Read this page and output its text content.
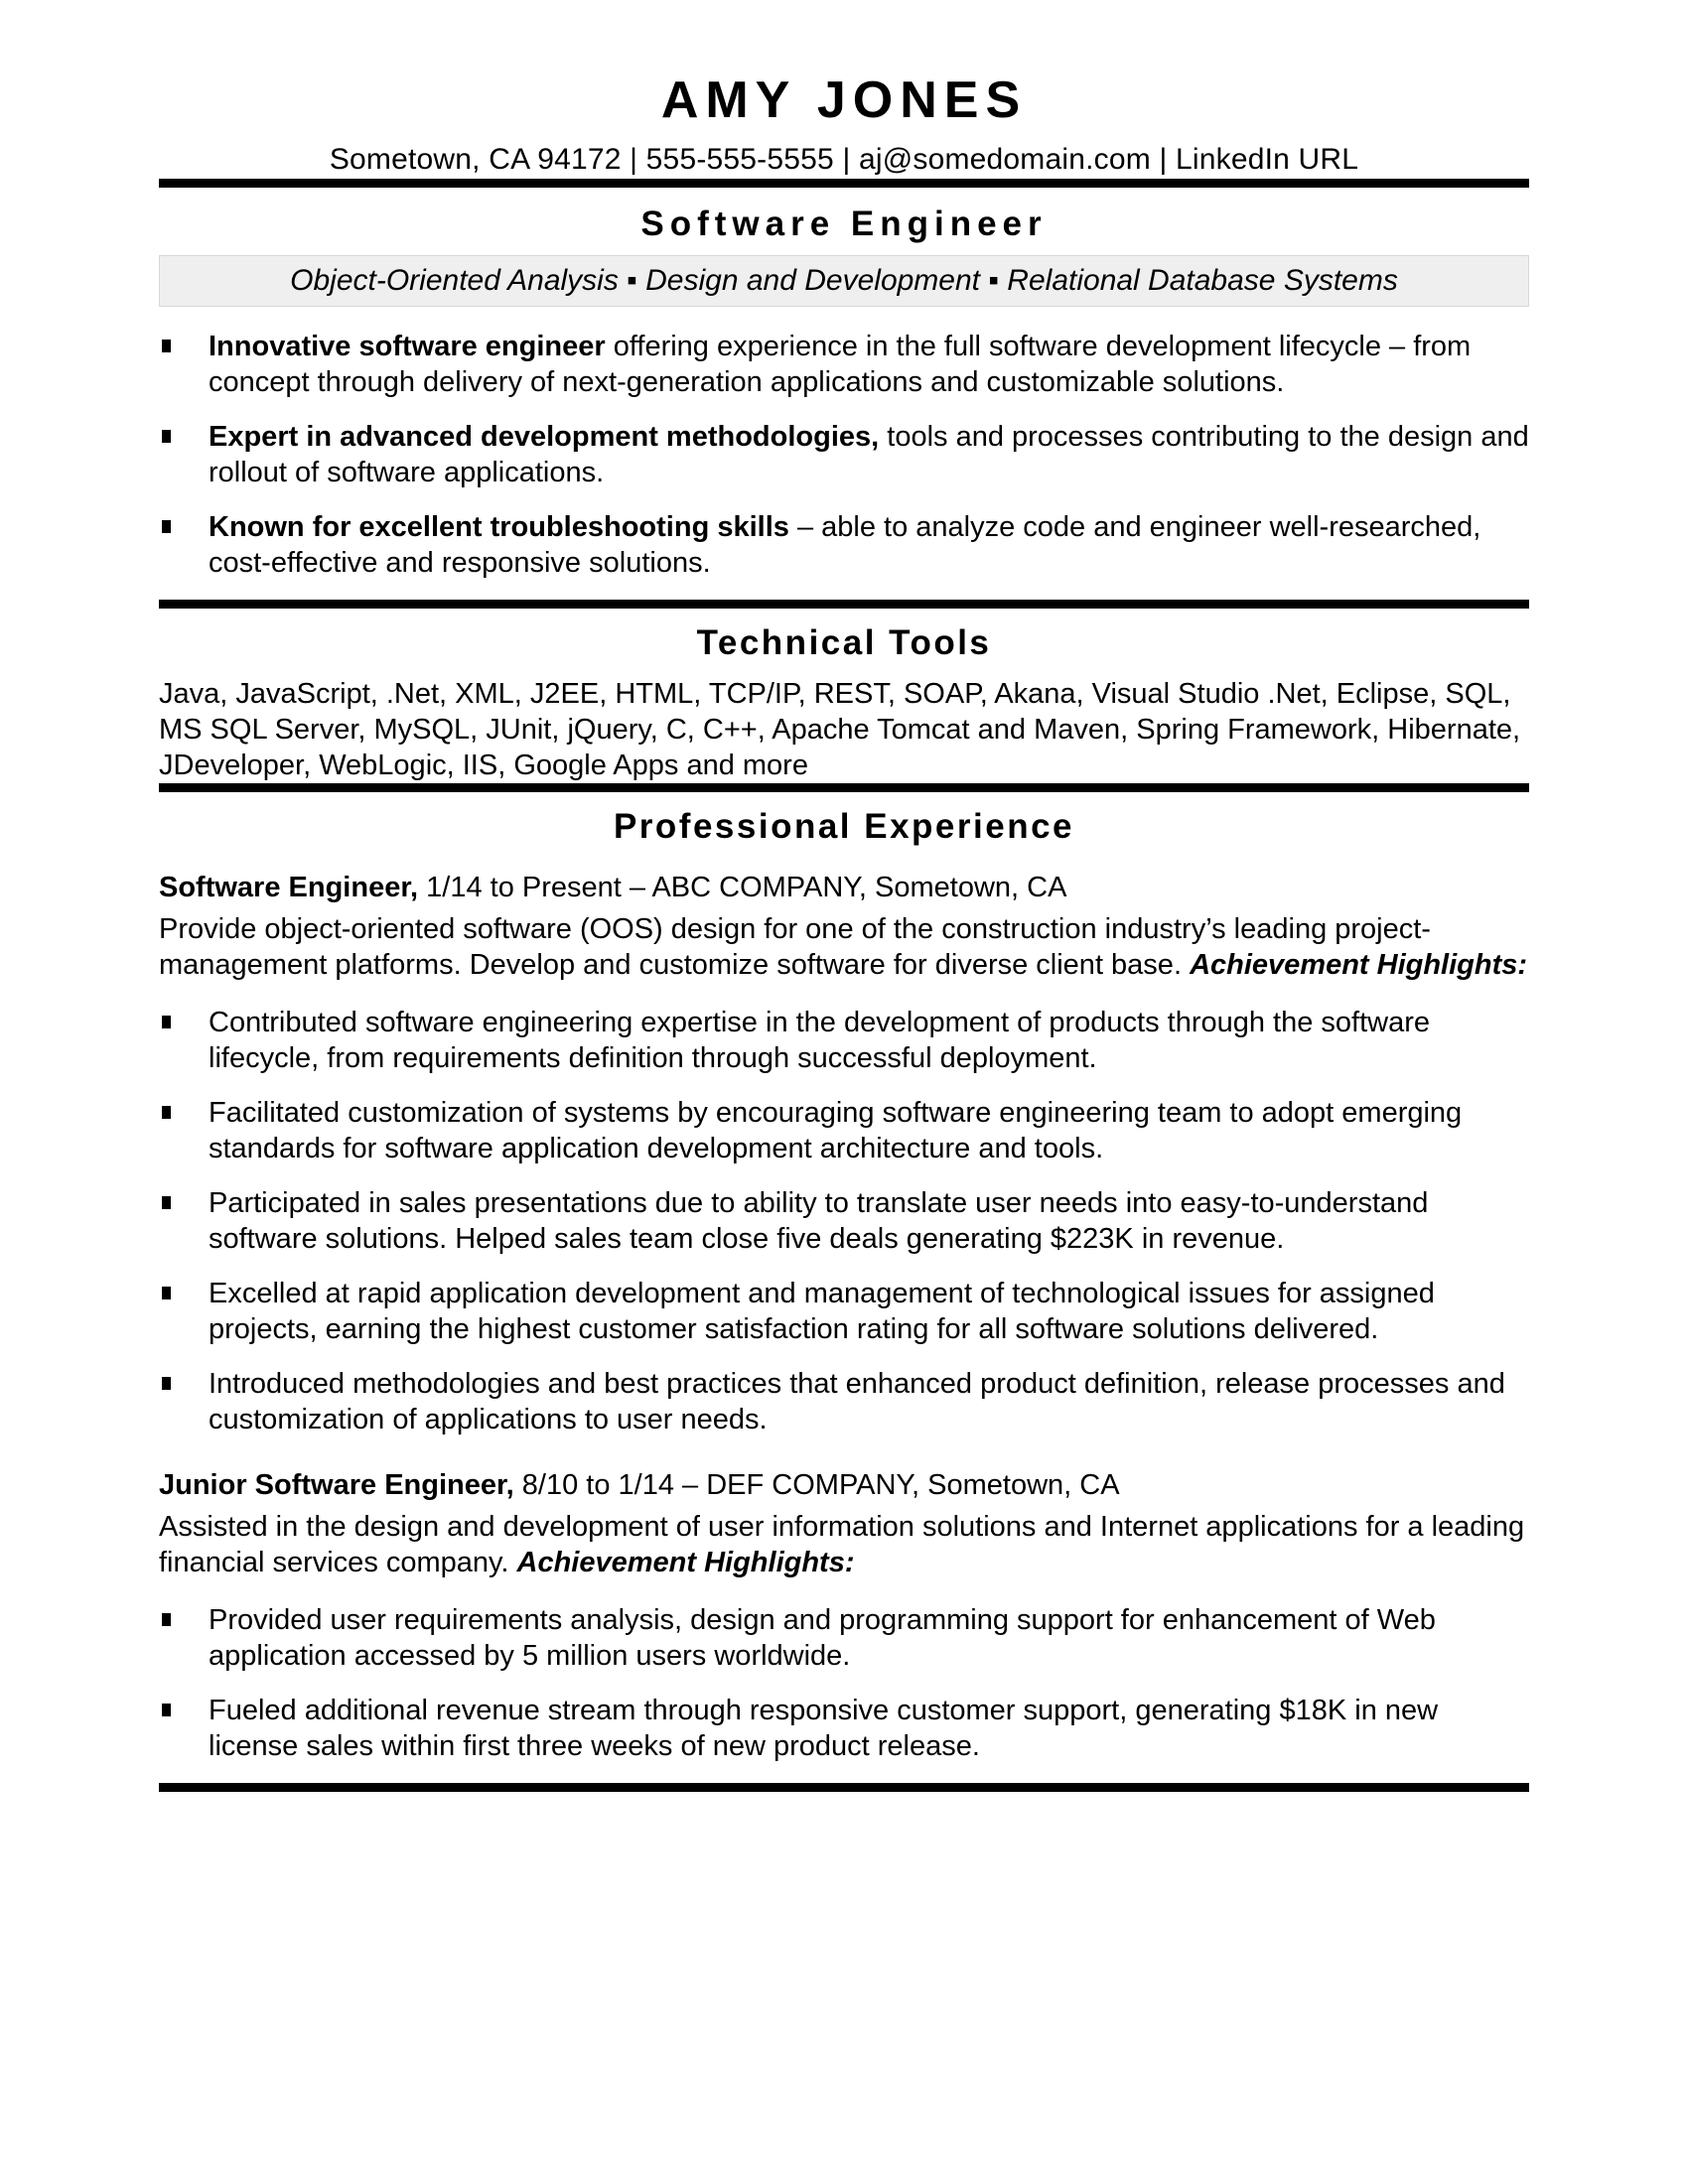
AMY JONES
Sometown, CA 94172 | 555-555-5555 | aj@somedomain.com | LinkedIn URL
Software Engineer
Object-Oriented Analysis ▪ Design and Development ▪ Relational Database Systems
Innovative software engineer offering experience in the full software development lifecycle – from concept through delivery of next-generation applications and customizable solutions.
Expert in advanced development methodologies, tools and processes contributing to the design and rollout of software applications.
Known for excellent troubleshooting skills – able to analyze code and engineer well-researched, cost-effective and responsive solutions.
Technical Tools
Java, JavaScript, .Net, XML, J2EE, HTML, TCP/IP, REST, SOAP, Akana, Visual Studio .Net, Eclipse, SQL, MS SQL Server, MySQL, JUnit, jQuery, C, C++, Apache Tomcat and Maven, Spring Framework, Hibernate, JDeveloper, WebLogic, IIS, Google Apps and more
Professional Experience
Software Engineer, 1/14 to Present – ABC COMPANY, Sometown, CA
Provide object-oriented software (OOS) design for one of the construction industry’s leading project- management platforms. Develop and customize software for diverse client base. Achievement Highlights:
Contributed software engineering expertise in the development of products through the software lifecycle, from requirements definition through successful deployment.
Facilitated customization of systems by encouraging software engineering team to adopt emerging standards for software application development architecture and tools.
Participated in sales presentations due to ability to translate user needs into easy-to-understand software solutions. Helped sales team close five deals generating $223K in revenue.
Excelled at rapid application development and management of technological issues for assigned projects, earning the highest customer satisfaction rating for all software solutions delivered.
Introduced methodologies and best practices that enhanced product definition, release processes and customization of applications to user needs.
Junior Software Engineer, 8/10 to 1/14 – DEF COMPANY, Sometown, CA
Assisted in the design and development of user information solutions and Internet applications for a leading financial services company. Achievement Highlights:
Provided user requirements analysis, design and programming support for enhancement of Web application accessed by 5 million users worldwide.
Fueled additional revenue stream through responsive customer support, generating $18K in new license sales within first three weeks of new product release.
